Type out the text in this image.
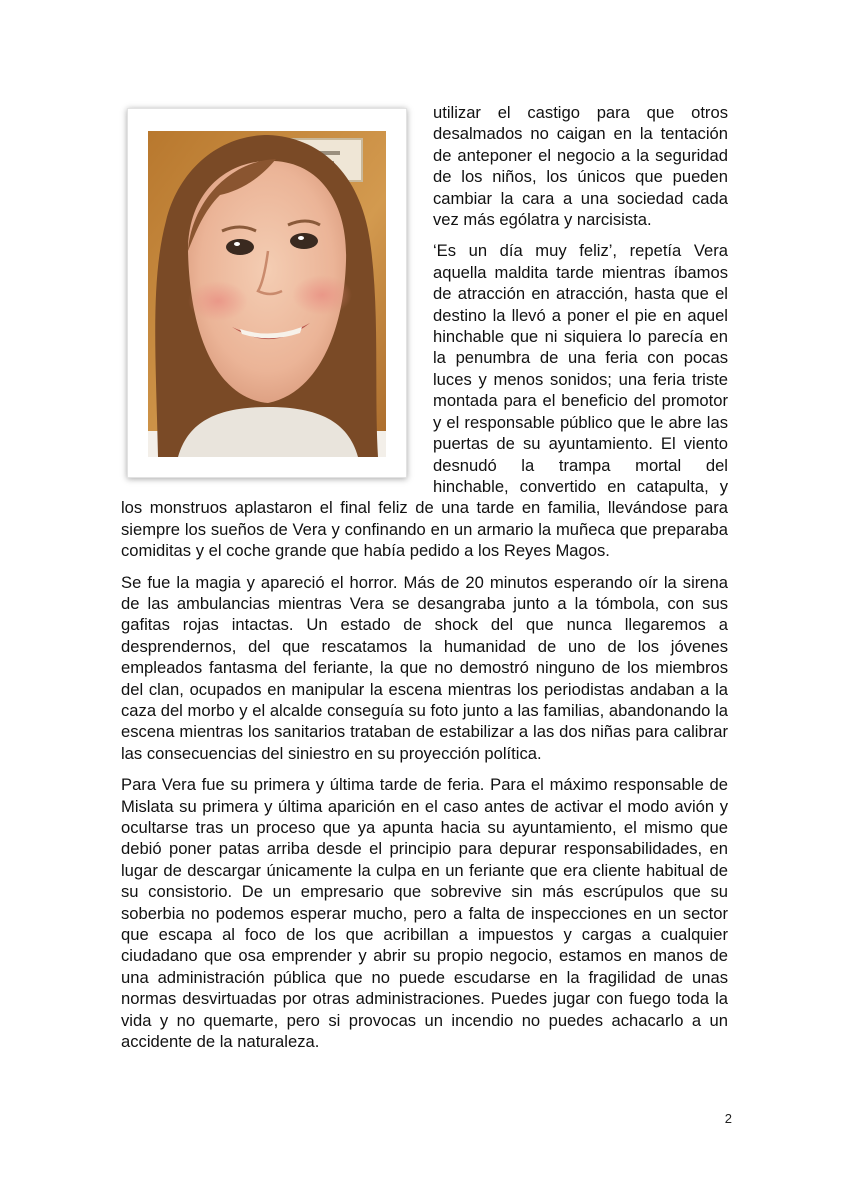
utilizar el castigo para que otros desalmados no caigan en la tentación de anteponer el negocio a la seguridad de los niños, los únicos que pueden cambiar la cara a una sociedad cada vez más ególatra y narcisista.

‘Es un día muy feliz’, repetía Vera aquella maldita tarde mientras íbamos de atracción en atracción, hasta que el destino la llevó a poner el pie en aquel hinchable que ni siquiera lo parecía en la penumbra de una feria con pocas luces y menos sonidos; una feria triste montada para el beneficio del promotor y el responsable público que le abre las puertas de su ayuntamiento. El viento desnudó la trampa mortal del hinchable, convertido en catapulta, y los monstruos aplastaron el final feliz de una tarde en familia, llevándose para siempre los sueños de Vera y confinando en un armario la muñeca que preparaba comiditas y el coche grande que había pedido a los Reyes Magos.

Se fue la magia y apareció el horror. Más de 20 minutos esperando oír la sirena de las ambulancias mientras Vera se desangraba junto a la tómbola, con sus gafitas rojas intactas. Un estado de shock del que nunca llegaremos a desprendernos, del que rescatamos la humanidad de uno de los jóvenes empleados fantasma del feriante, la que no demostró ninguno de los miembros del clan, ocupados en manipular la escena mientras los periodistas andaban a la caza del morbo y el alcalde conseguía su foto junto a las familias, abandonando la escena mientras los sanitarios trataban de estabilizar a las dos niñas para calibrar las consecuencias del siniestro en su proyección política.

Para Vera fue su primera y última tarde de feria. Para el máximo responsable de Mislata su primera y última aparición en el caso antes de activar el modo avión y ocultarse tras un proceso que ya apunta hacia su ayuntamiento, el mismo que debió poner patas arriba desde el principio para depurar responsabilidades, en lugar de descargar únicamente la culpa en un feriante que era cliente habitual de su consistorio. De un empresario que sobrevive sin más escrúpulos que su soberbia no podemos esperar mucho, pero a falta de inspecciones en un sector que escapa al foco de los que acribillan a impuestos y cargas a cualquier ciudadano que osa emprender y abrir su propio negocio, estamos en manos de una administración pública que no puede escudarse en la fragilidad de unas normas desvirtuadas por otras administraciones. Puedes jugar con fuego toda la vida y no quemarte, pero si provocas un incendio no puedes achacarlo a un accidente de la naturaleza.

2
